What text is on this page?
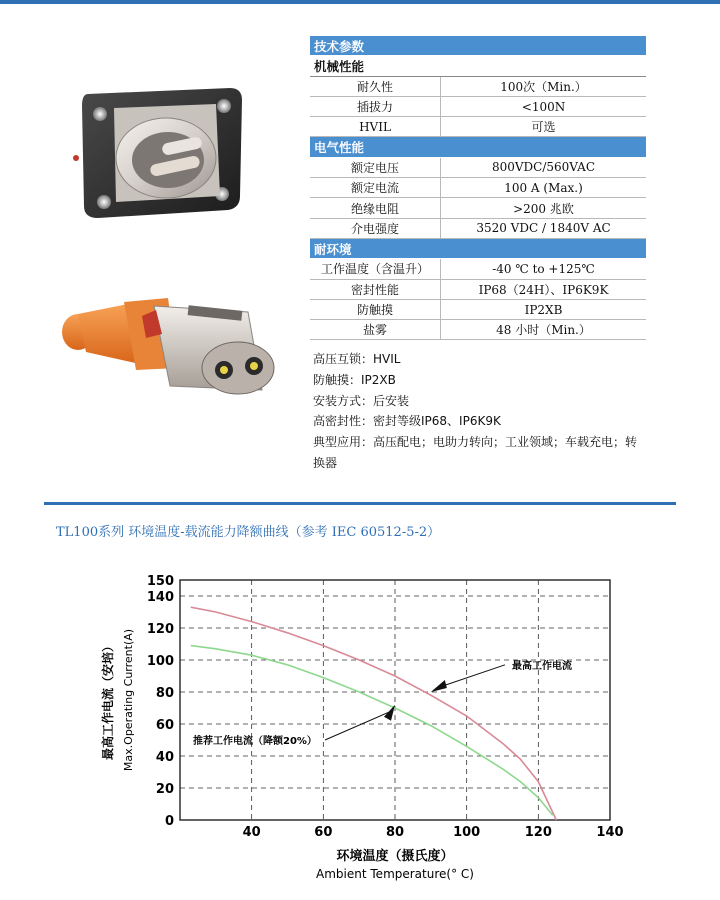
技术参数	
机械性能	
耐久性	100次（Min.）
插拔力	<100N
HVIL	可选
电气性能	
额定电压	800VDC/560VAC
额定电流	100 A (Max.)
绝缘电阻	>200 兆欧
介电强度	3520 VDC / 1840V AC
耐环境	
工作温度（含温升）	-40 ℃ to +125℃
密封性能	IP68（24H）、IP6K9K
防触摸	IP2XB
盐雾	48 小时（Min.）
高压互锁：HVIL
防触摸：IP2XB
安装方式：后安装
高密封性：密封等级IP68、IP6K9K
典型应用：高压配电；电助力转向；工业领域；车载充电；转换器
TL100系列 环境温度-载流能力降额曲线（参考 IEC 60512-5-2）
40	60	80	100	120	140
0
20
40
60
80
100
120
140
150
最高工作电流
推荐工作电流（降额20%）
环境温度（摄氏度）
Ambient Temperature(° C)
最高工作电流（安培） Max.Operating Current(A)
